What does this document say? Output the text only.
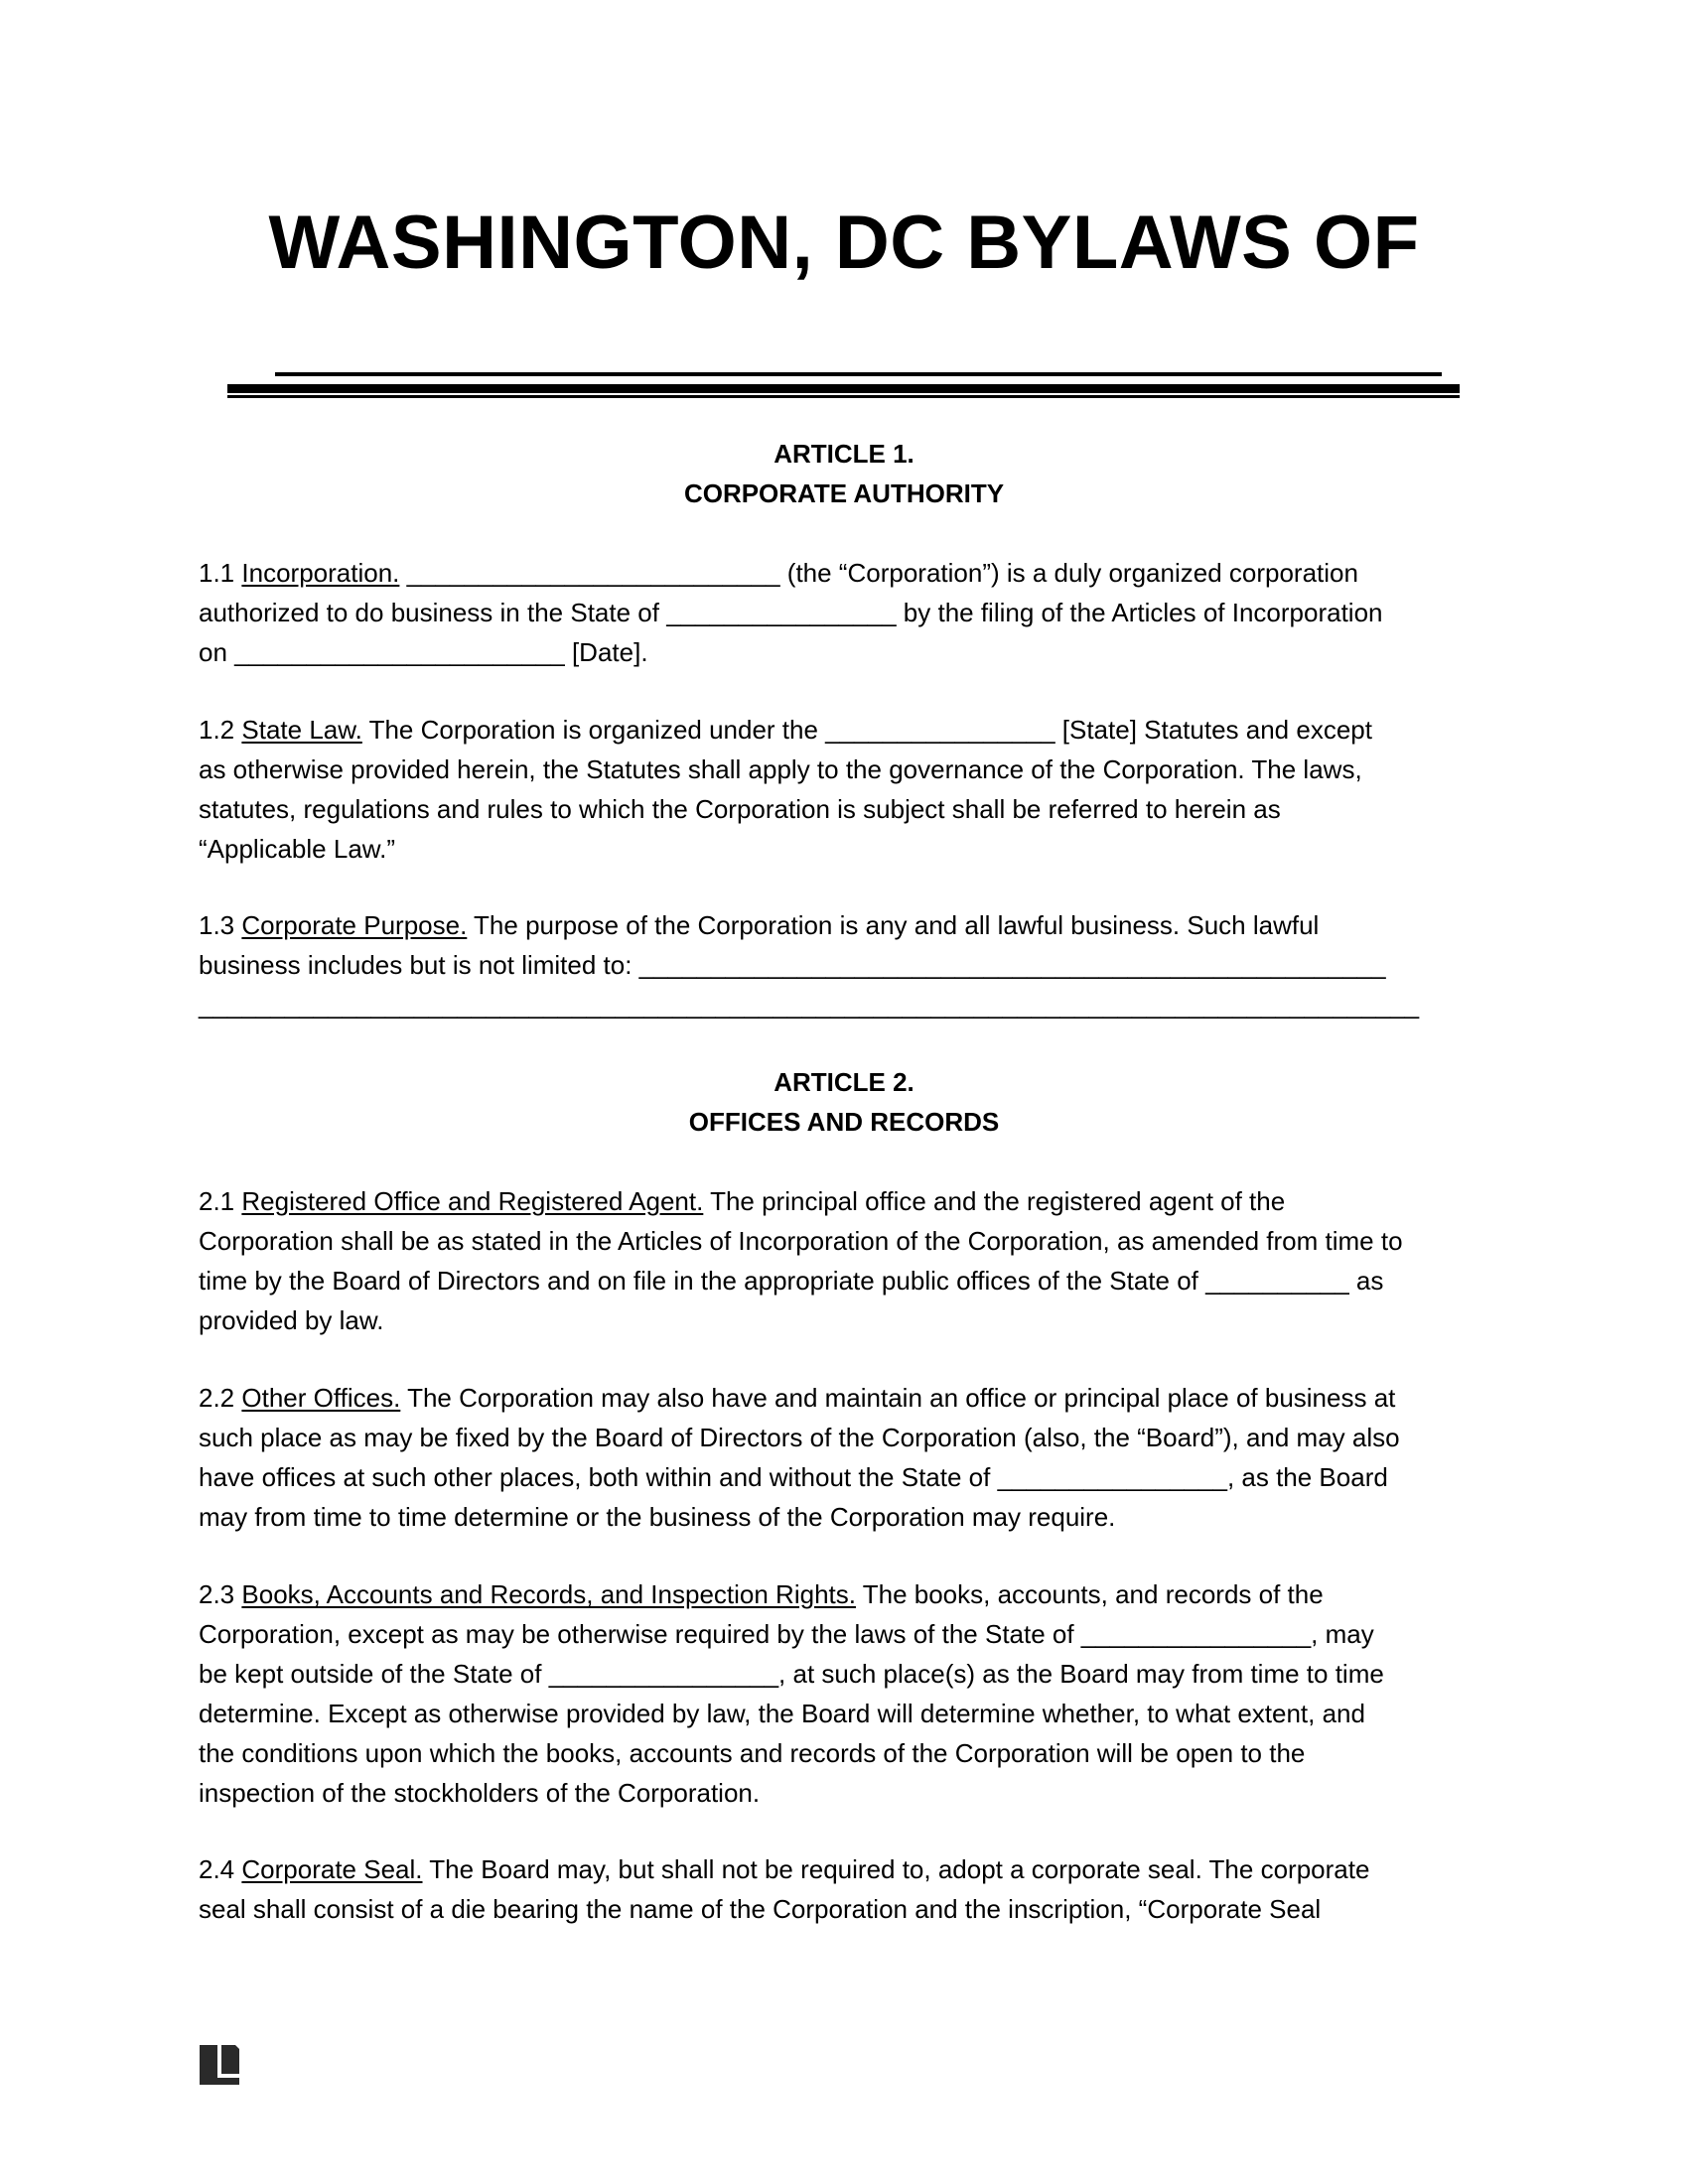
WASHINGTON, DC BYLAWS OF
ARTICLE 1.
CORPORATE AUTHORITY
1.1 Incorporation. __________________________ (the “Corporation”) is a duly organized corporation
authorized to do business in the State of ________________ by the filing of the Articles of Incorporation
on _______________________ [Date].
1.2 State Law. The Corporation is organized under the ________________ [State] Statutes and except
as otherwise provided herein, the Statutes shall apply to the governance of the Corporation. The laws,
statutes, regulations and rules to which the Corporation is subject shall be referred to herein as
“Applicable Law.”
1.3 Corporate Purpose. The purpose of the Corporation is any and all lawful business. Such lawful
business includes but is not limited to: ____________________________________________________
_____________________________________________________________________________________
ARTICLE 2.
OFFICES AND RECORDS
2.1 Registered Office and Registered Agent. The principal office and the registered agent of the
Corporation shall be as stated in the Articles of Incorporation of the Corporation, as amended from time to
time by the Board of Directors and on file in the appropriate public offices of the State of __________ as
provided by law.
2.2 Other Offices. The Corporation may also have and maintain an office or principal place of business at
such place as may be fixed by the Board of Directors of the Corporation (also, the “Board”), and may also
have offices at such other places, both within and without the State of ________________, as the Board
may from time to time determine or the business of the Corporation may require.
2.3 Books, Accounts and Records, and Inspection Rights. The books, accounts, and records of the
Corporation, except as may be otherwise required by the laws of the State of ________________, may
be kept outside of the State of ________________, at such place(s) as the Board may from time to time
determine. Except as otherwise provided by law, the Board will determine whether, to what extent, and
the conditions upon which the books, accounts and records of the Corporation will be open to the
inspection of the stockholders of the Corporation.
2.4 Corporate Seal. The Board may, but shall not be required to, adopt a corporate seal. The corporate
seal shall consist of a die bearing the name of the Corporation and the inscription, “Corporate Seal
